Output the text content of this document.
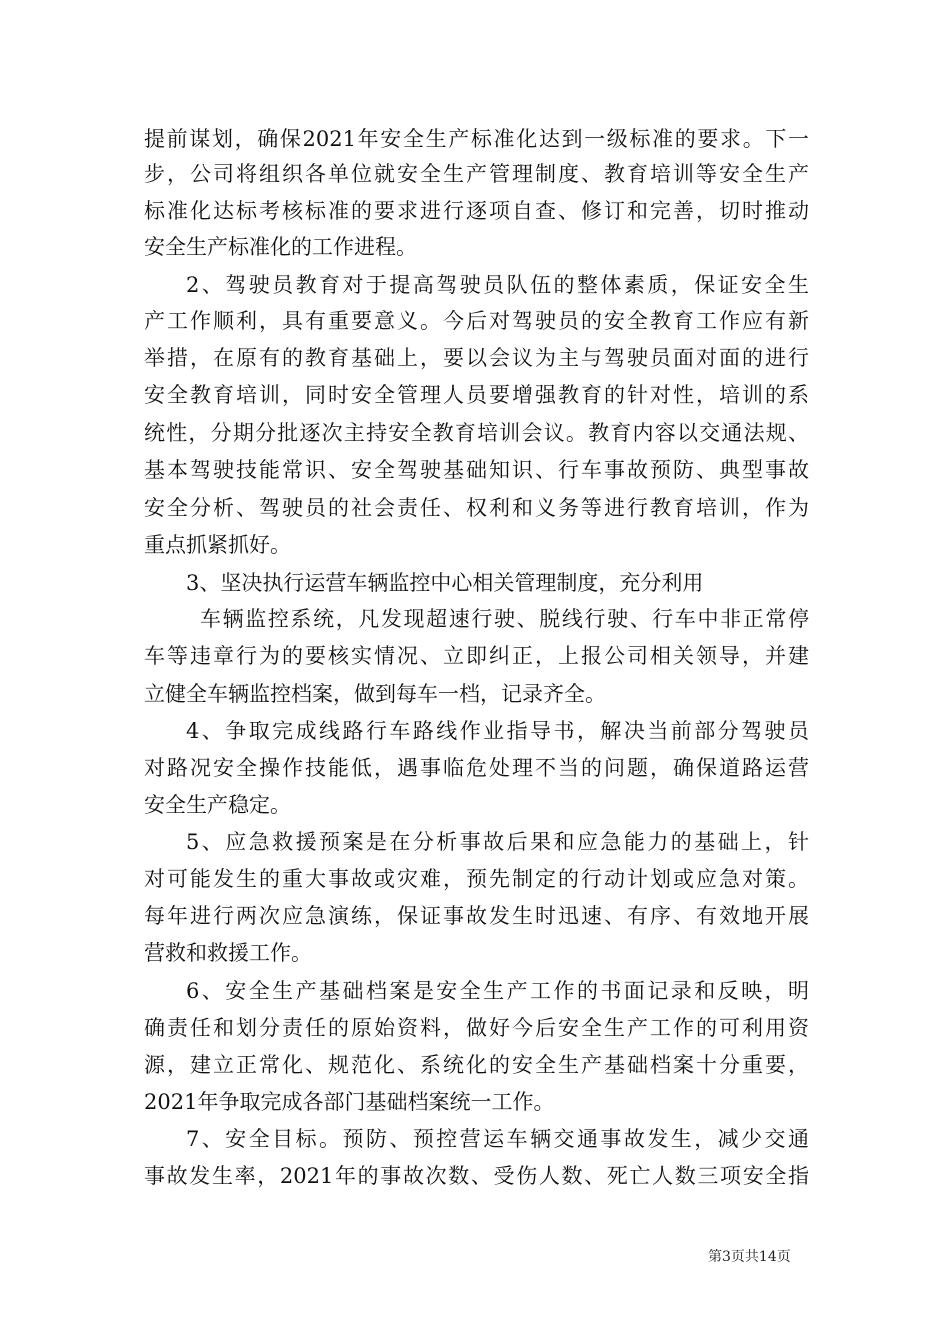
提前谋划，确保2021年安全生产标准化达到一级标准的要求。下一
步，公司将组织各单位就安全生产管理制度、教育培训等安全生产
标准化达标考核标准的要求进行逐项自查、修订和完善，切时推动
安全生产标准化的工作进程。
2、驾驶员教育对于提高驾驶员队伍的整体素质，保证安全生
产工作顺利，具有重要意义。今后对驾驶员的安全教育工作应有新
举措，在原有的教育基础上，要以会议为主与驾驶员面对面的进行
安全教育培训，同时安全管理人员要增强教育的针对性，培训的系
统性，分期分批逐次主持安全教育培训会议。教育内容以交通法规、
基本驾驶技能常识、安全驾驶基础知识、行车事故预防、典型事故
安全分析、驾驶员的社会责任、权利和义务等进行教育培训，作为
重点抓紧抓好。
3、坚决执行运营车辆监控中心相关管理制度，充分利用
车辆监控系统，凡发现超速行驶、脱线行驶、行车中非正常停
车等违章行为的要核实情况、立即纠正，上报公司相关领导，并建
立健全车辆监控档案，做到每车一档，记录齐全。
4、争取完成线路行车路线作业指导书，解决当前部分驾驶员
对路况安全操作技能低，遇事临危处理不当的问题，确保道路运营
安全生产稳定。
5、应急救援预案是在分析事故后果和应急能力的基础上，针
对可能发生的重大事故或灾难，预先制定的行动计划或应急对策。
每年进行两次应急演练，保证事故发生时迅速、有序、有效地开展
营救和救援工作。
6、安全生产基础档案是安全生产工作的书面记录和反映，明
确责任和划分责任的原始资料，做好今后安全生产工作的可利用资
源，建立正常化、规范化、系统化的安全生产基础档案十分重要，
2021年争取完成各部门基础档案统一工作。
7、安全目标。预防、预控营运车辆交通事故发生，减少交通
事故发生率，2021年的事故次数、受伤人数、死亡人数三项安全指
第3页共14页
